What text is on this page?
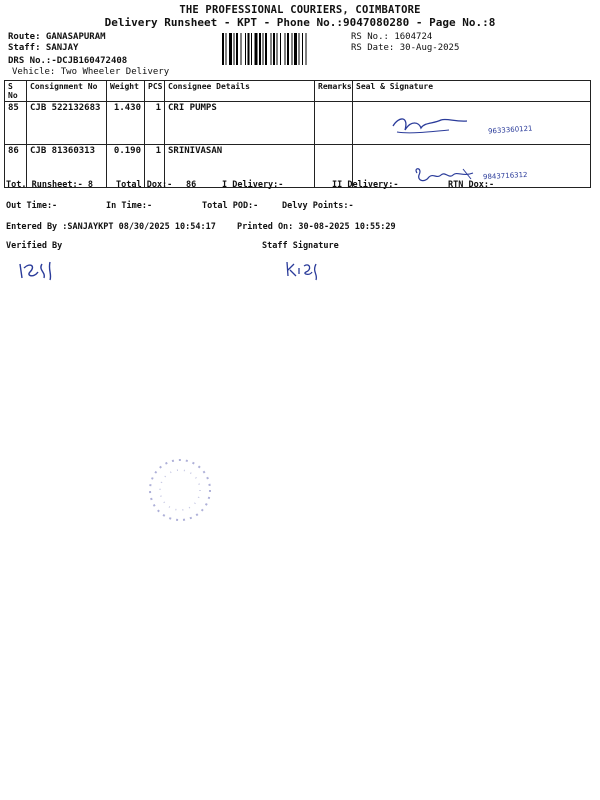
THE PROFESSIONAL COURIERS, COIMBATORE
Delivery Runsheet - KPT - Phone No.:9047080280 - Page No.:8
Route: GANASAPURAM
Staff: SANJAY
DRS No.:-DCJB160472408
Vehicle: Two Wheeler Delivery
RS No.: 1604724
RS Date: 30-Aug-2025
S No	Consignment No	Weight	PCS	Consignee Details	Remarks	Seal & Signature
85	CJB 522132683	1.430	1	CRI PUMPS		9633360121

86	CJB 81360313	0.190	1	SRINIVASAN		9843716312
Tot. Runsheet:- 8	Total Dox:- 86	I Delivery:-	II Delivery:-	RTN Dox:-
Out Time:-	In Time:-	Total POD:-	Delvy Points:-
Entered By :SANJAYKPT 08/30/2025 10:54:17 Printed On: 30-08-2025 10:55:29
Verified By	Staff Signature
